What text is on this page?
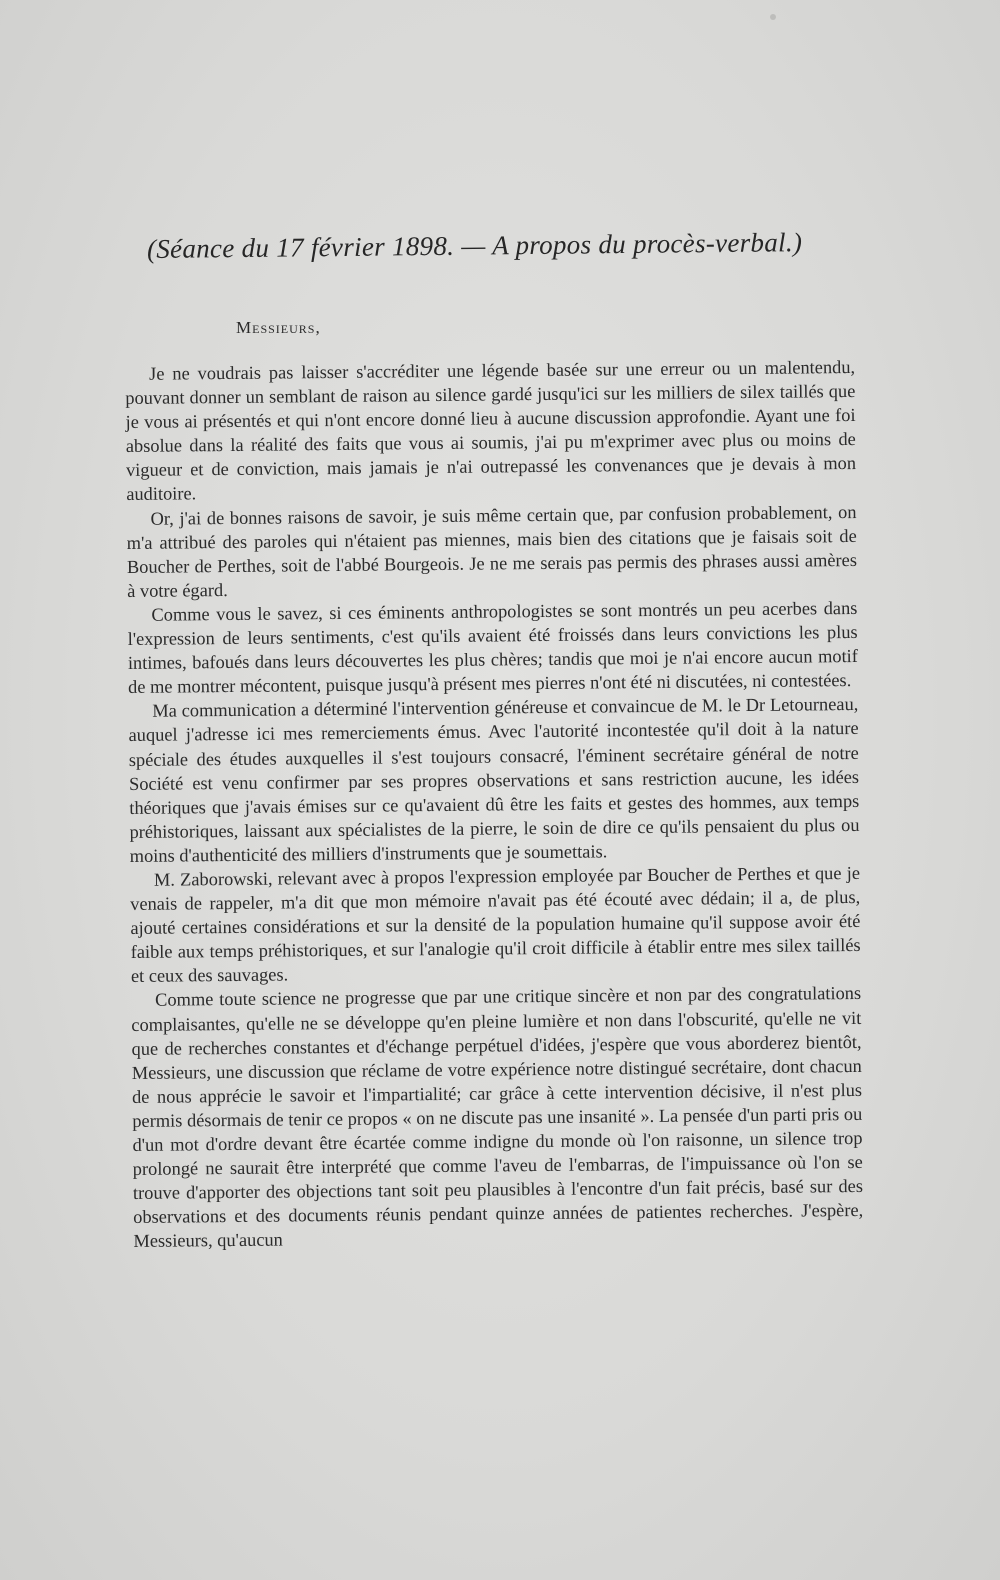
(Séance du 17 février 1898. — A propos du procès-verbal.)

Messieurs,

Je ne voudrais pas laisser s'accréditer une légende basée sur une erreur ou un malentendu, pouvant donner un semblant de raison au silence gardé jusqu'ici sur les milliers de silex taillés que je vous ai présentés et qui n'ont encore donné lieu à aucune discussion approfondie. Ayant une foi absolue dans la réalité des faits que vous ai soumis, j'ai pu m'exprimer avec plus ou moins de vigueur et de conviction, mais jamais je n'ai outrepassé les convenances que je devais à mon auditoire.

Or, j'ai de bonnes raisons de savoir, je suis même certain que, par confusion probablement, on m'a attribué des paroles qui n'étaient pas miennes, mais bien des citations que je faisais soit de Boucher de Perthes, soit de l'abbé Bourgeois. Je ne me serais pas permis des phrases aussi amères à votre égard.

Comme vous le savez, si ces éminents anthropologistes se sont montrés un peu acerbes dans l'expression de leurs sentiments, c'est qu'ils avaient été froissés dans leurs convictions les plus intimes, bafoués dans leurs découvertes les plus chères; tandis que moi je n'ai encore aucun motif de me montrer mécontent, puisque jusqu'à présent mes pierres n'ont été ni discutées, ni contestées.

Ma communication a déterminé l'intervention généreuse et convaincue de M. le Dr Letourneau, auquel j'adresse ici mes remerciements émus. Avec l'autorité incontestée qu'il doit à la nature spéciale des études auxquelles il s'est toujours consacré, l'éminent secrétaire général de notre Société est venu confirmer par ses propres observations et sans restriction aucune, les idées théoriques que j'avais émises sur ce qu'avaient dû être les faits et gestes des hommes, aux temps préhistoriques, laissant aux spécialistes de la pierre, le soin de dire ce qu'ils pensaient du plus ou moins d'authenticité des milliers d'instruments que je soumettais.

M. Zaborowski, relevant avec à propos l'expression employée par Boucher de Perthes et que je venais de rappeler, m'a dit que mon mémoire n'avait pas été écouté avec dédain; il a, de plus, ajouté certaines considérations et sur la densité de la population humaine qu'il suppose avoir été faible aux temps préhistoriques, et sur l'analogie qu'il croit difficile à établir entre mes silex taillés et ceux des sauvages.

Comme toute science ne progresse que par une critique sincère et non par des congratulations complaisantes, qu'elle ne se développe qu'en pleine lumière et non dans l'obscurité, qu'elle ne vit que de recherches constantes et d'échange perpétuel d'idées, j'espère que vous aborderez bientôt, Messieurs, une discussion que réclame de votre expérience notre distingué secrétaire, dont chacun de nous apprécie le savoir et l'impartialité; car grâce à cette intervention décisive, il n'est plus permis désormais de tenir ce propos « on ne discute pas une insanité ». La pensée d'un parti pris ou d'un mot d'ordre devant être écartée comme indigne du monde où l'on raisonne, un silence trop prolongé ne saurait être interprété que comme l'aveu de l'embarras, de l'impuissance où l'on se trouve d'apporter des objections tant soit peu plausibles à l'encontre d'un fait précis, basé sur des observations et des documents réunis pendant quinze années de patientes recherches. J'espère, Messieurs, qu'aucun
